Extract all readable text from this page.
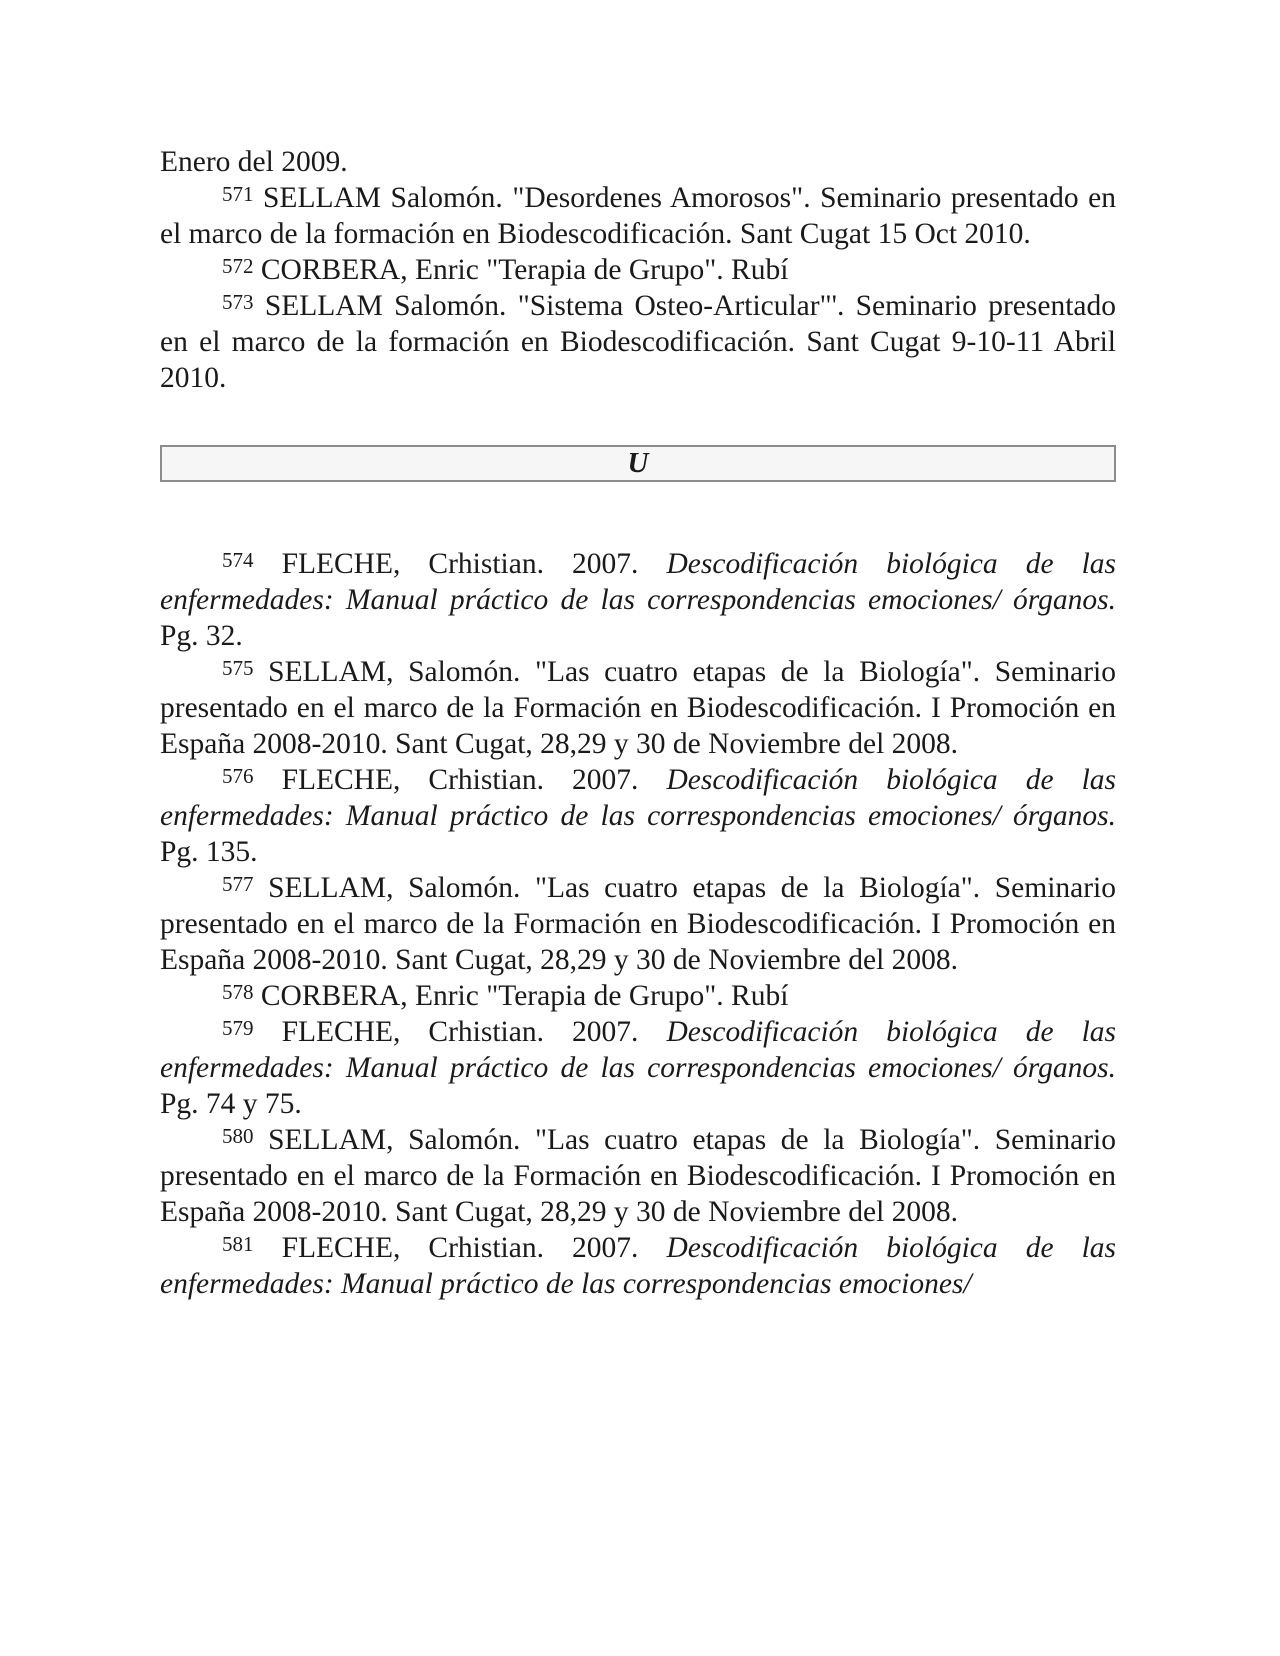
Enero del 2009.

$^{571}$ SELLAM Salomón. "Desordenes Amorosos". Seminario presentado en el marco de la formación en Biodescodificación. Sant Cugat 15 Oct 2010.

$^{572}$ CORBERA, Enric "Terapia de Grupo". Rubí

$^{573}$ SELLAM Salomón. "Sistema Osteo-Articular"'. Seminario presentado en el marco de la formación en Biodescodificación. Sant Cugat 9-10-11 Abril 2010.

U

$^{574}$ FLECHE, Crhistian. 2007. Descodificación biológica de las enfermedades: Manual práctico de las correspondencias emociones/ órganos. Pg. 32.

$^{575}$ SELLAM, Salomón. "Las cuatro etapas de la Biología". Seminario presentado en el marco de la Formación en Biodescodificación. I Promoción en España 2008-2010. Sant Cugat, 28,29 y 30 de Noviembre del 2008.

$^{576}$ FLECHE, Crhistian. 2007. Descodificación biológica de las enfermedades: Manual práctico de las correspondencias emociones/ órganos. Pg. 135.

$^{577}$ SELLAM, Salomón. "Las cuatro etapas de la Biología". Seminario presentado en el marco de la Formación en Biodescodificación. I Promoción en España 2008-2010. Sant Cugat, 28,29 y 30 de Noviembre del 2008.

$^{578}$ CORBERA, Enric "Terapia de Grupo". Rubí

$^{579}$ FLECHE, Crhistian. 2007. Descodificación biológica de las enfermedades: Manual práctico de las correspondencias emociones/ órganos. Pg. 74 y 75.

$^{580}$ SELLAM, Salomón. "Las cuatro etapas de la Biología". Seminario presentado en el marco de la Formación en Biodescodificación. I Promoción en España 2008-2010. Sant Cugat, 28,29 y 30 de Noviembre del 2008.

$^{581}$ FLECHE, Crhistian. 2007. Descodificación biológica de las enfermedades: Manual práctico de las correspondencias emociones/
